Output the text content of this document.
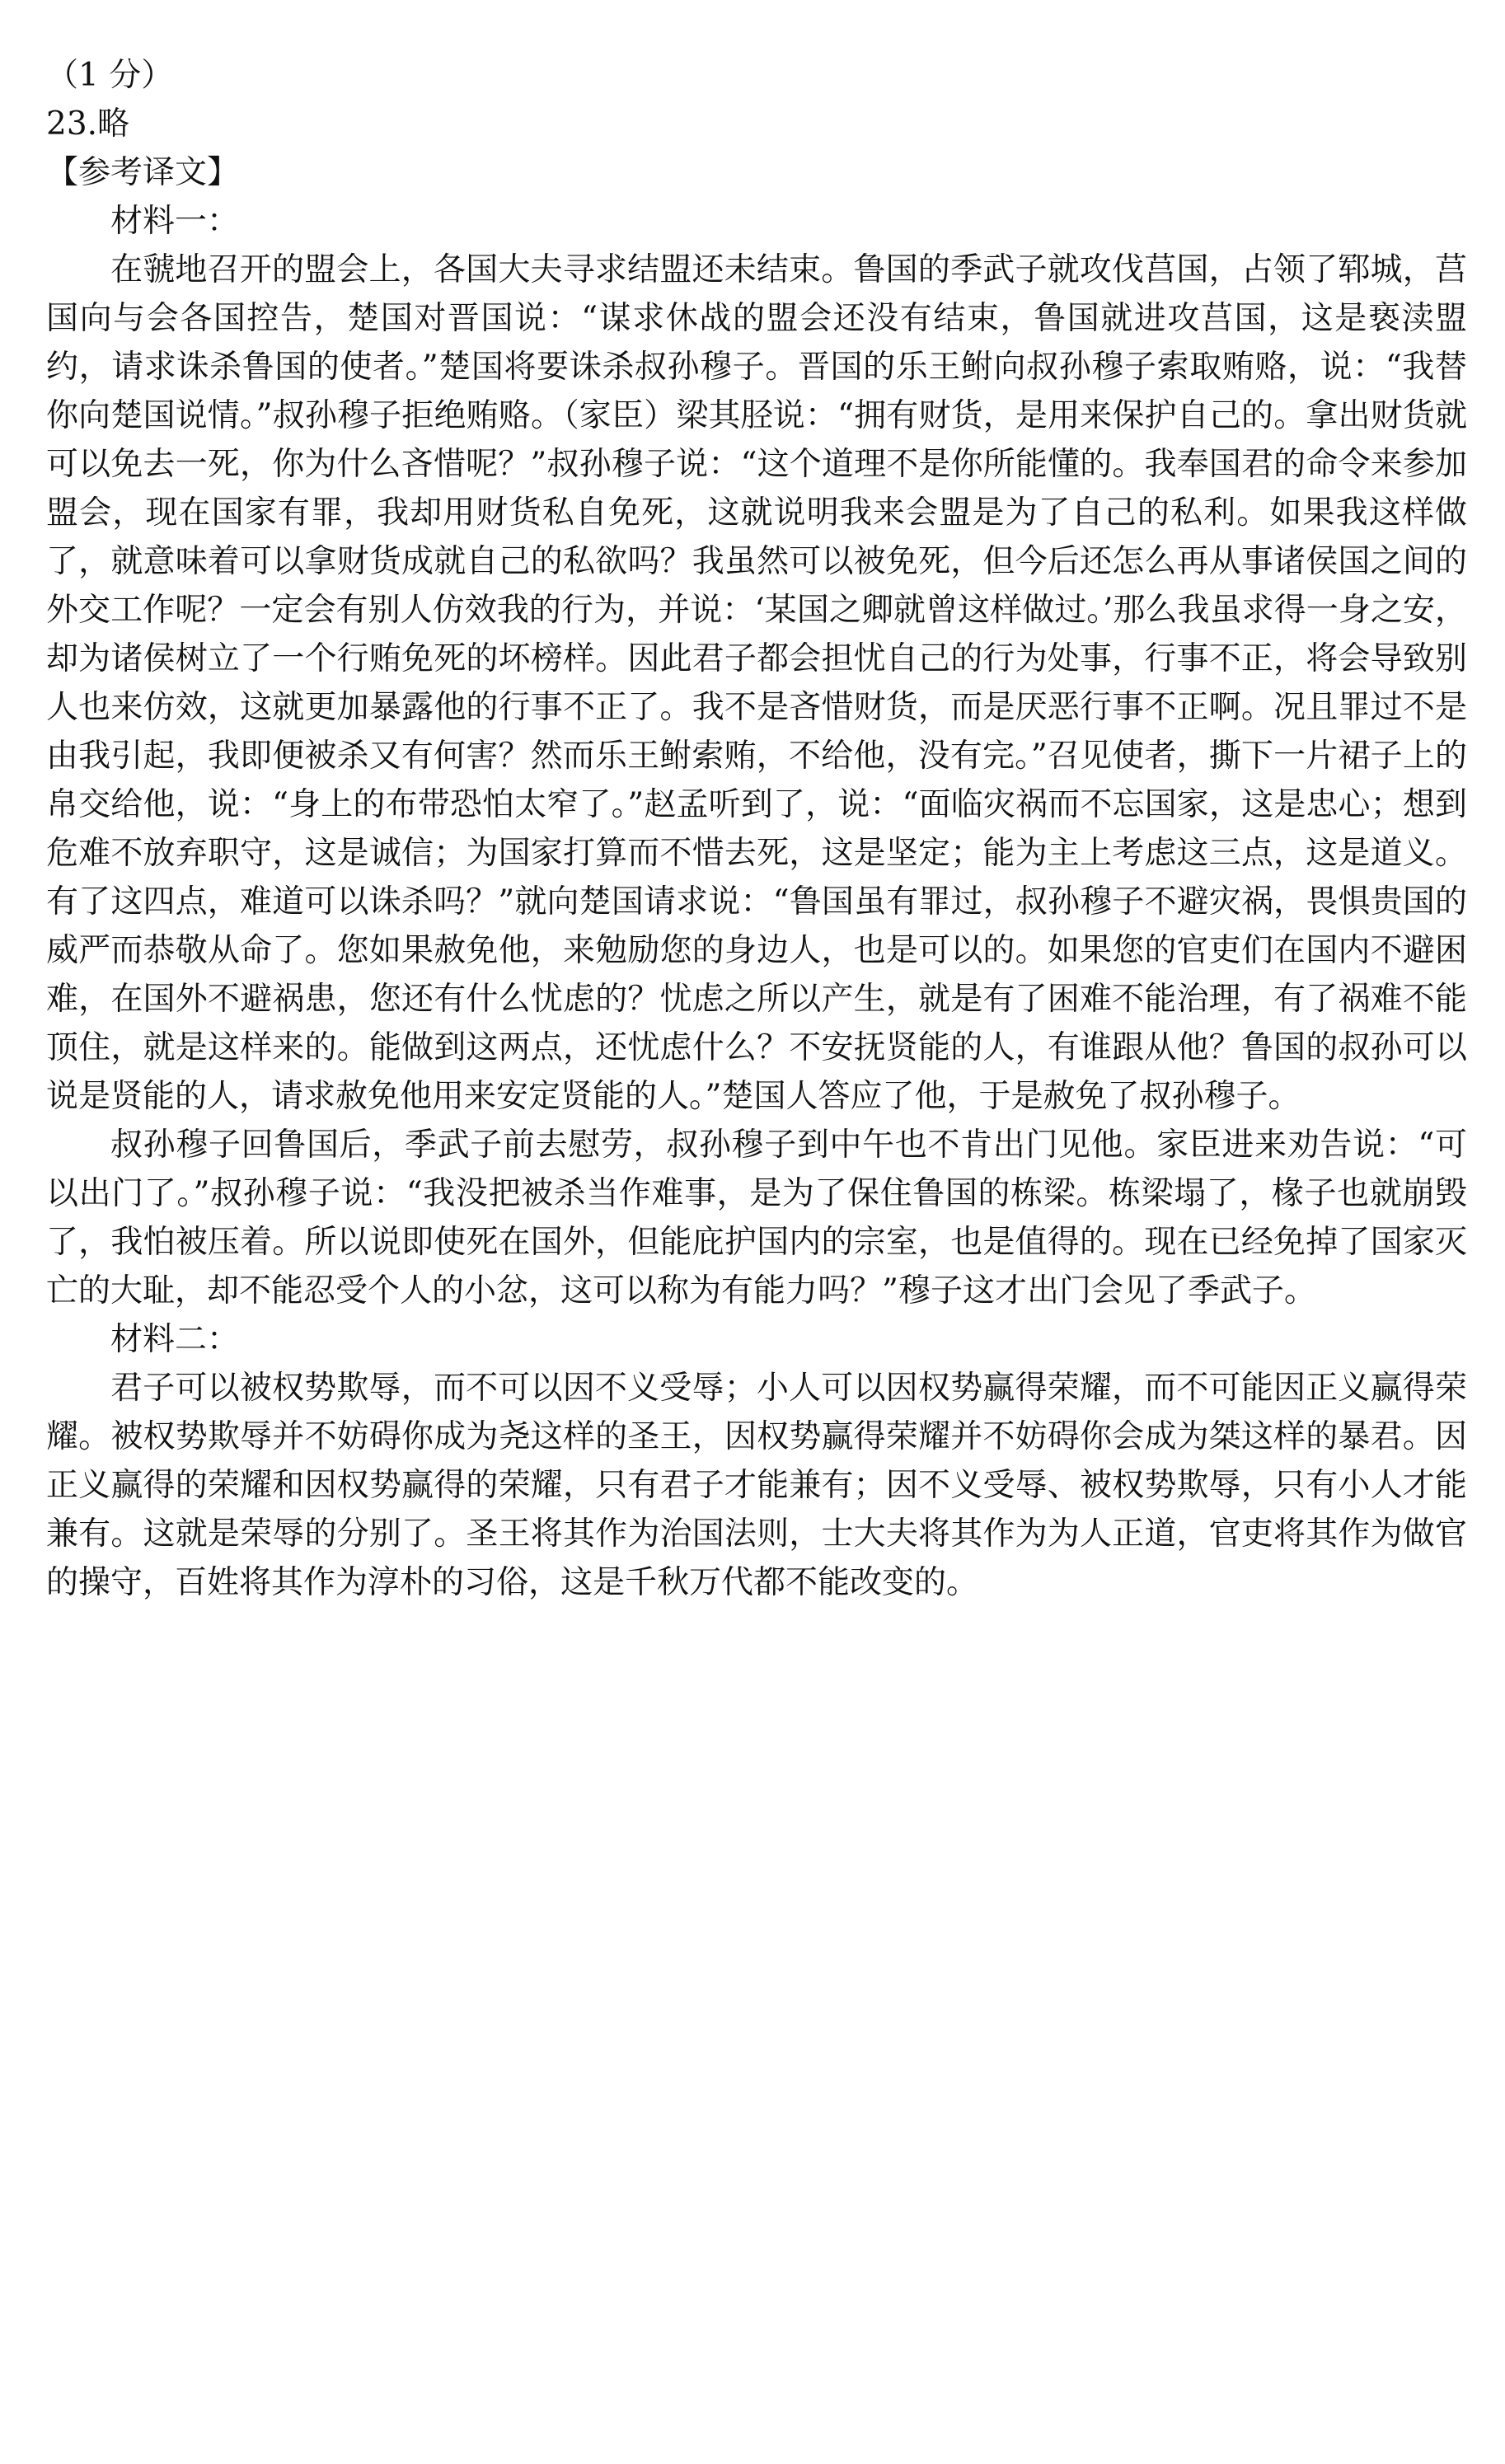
（1 分）

23.略

【参考译文】

材料一：

在虢地召开的盟会上，各国大夫寻求结盟还未结束。鲁国的季武子就攻伐莒国，占领了郓城，莒国向与会各国控告，楚国对晋国说：“谋求休战的盟会还没有结束，鲁国就进攻莒国，这是亵渎盟约，请求诛杀鲁国的使者。”楚国将要诛杀叔孙穆子。晋国的乐王鲋向叔孙穆子索取贿赂，说：“我替你向楚国说情。”叔孙穆子拒绝贿赂。（家臣）梁其胫说：“拥有财货，是用来保护自己的。拿出财货就可以免去一死，你为什么吝惜呢？”叔孙穆子说：“这个道理不是你所能懂的。我奉国君的命令来参加盟会，现在国家有罪，我却用财货私自免死，这就说明我来会盟是为了自己的私利。如果我这样做了，就意味着可以拿财货成就自己的私欲吗？我虽然可以被免死，但今后还怎么再从事诸侯国之间的外交工作呢？一定会有别人仿效我的行为，并说：‘某国之卿就曾这样做过。’那么我虽求得一身之安，却为诸侯树立了一个行贿免死的坏榜样。因此君子都会担忧自己的行为处事，行事不正，将会导致别人也来仿效，这就更加暴露他的行事不正了。我不是吝惜财货，而是厌恶行事不正啊。况且罪过不是由我引起，我即便被杀又有何害？然而乐王鲋索贿，不给他，没有完。”召见使者，撕下一片裙子上的帛交给他，说：“身上的布带恐怕太窄了。”赵孟听到了，说：“面临灾祸而不忘国家，这是忠心；想到危难不放弃职守，这是诚信；为国家打算而不惜去死，这是坚定；能为主上考虑这三点，这是道义。有了这四点，难道可以诛杀吗？”就向楚国请求说：“鲁国虽有罪过，叔孙穆子不避灾祸，畏惧贵国的威严而恭敬从命了。您如果赦免他，来勉励您的身边人，也是可以的。如果您的官吏们在国内不避困难，在国外不避祸患，您还有什么忧虑的？忧虑之所以产生，就是有了困难不能治理，有了祸难不能顶住，就是这样来的。能做到这两点，还忧虑什么？不安抚贤能的人，有谁跟从他？鲁国的叔孙可以说是贤能的人，请求赦免他用来安定贤能的人。”楚国人答应了他，于是赦免了叔孙穆子。

叔孙穆子回鲁国后，季武子前去慰劳，叔孙穆子到中午也不肯出门见他。家臣进来劝告说：“可以出门了。”叔孙穆子说：“我没把被杀当作难事，是为了保住鲁国的栋梁。栋梁塌了，椽子也就崩毁了，我怕被压着。所以说即使死在国外，但能庇护国内的宗室，也是值得的。现在已经免掉了国家灭亡的大耻，却不能忍受个人的小忿，这可以称为有能力吗？”穆子这才出门会见了季武子。

材料二：

君子可以被权势欺辱，而不可以因不义受辱；小人可以因权势赢得荣耀，而不可能因正义赢得荣耀。被权势欺辱并不妨碍你成为尧这样的圣王，因权势赢得荣耀并不妨碍你会成为桀这样的暴君。因正义赢得的荣耀和因权势赢得的荣耀，只有君子才能兼有；因不义受辱、被权势欺辱，只有小人才能兼有。这就是荣辱的分别了。圣王将其作为治国法则，士大夫将其作为为人正道，官吏将其作为做官的操守，百姓将其作为淳朴的习俗，这是千秋万代都不能改变的。
